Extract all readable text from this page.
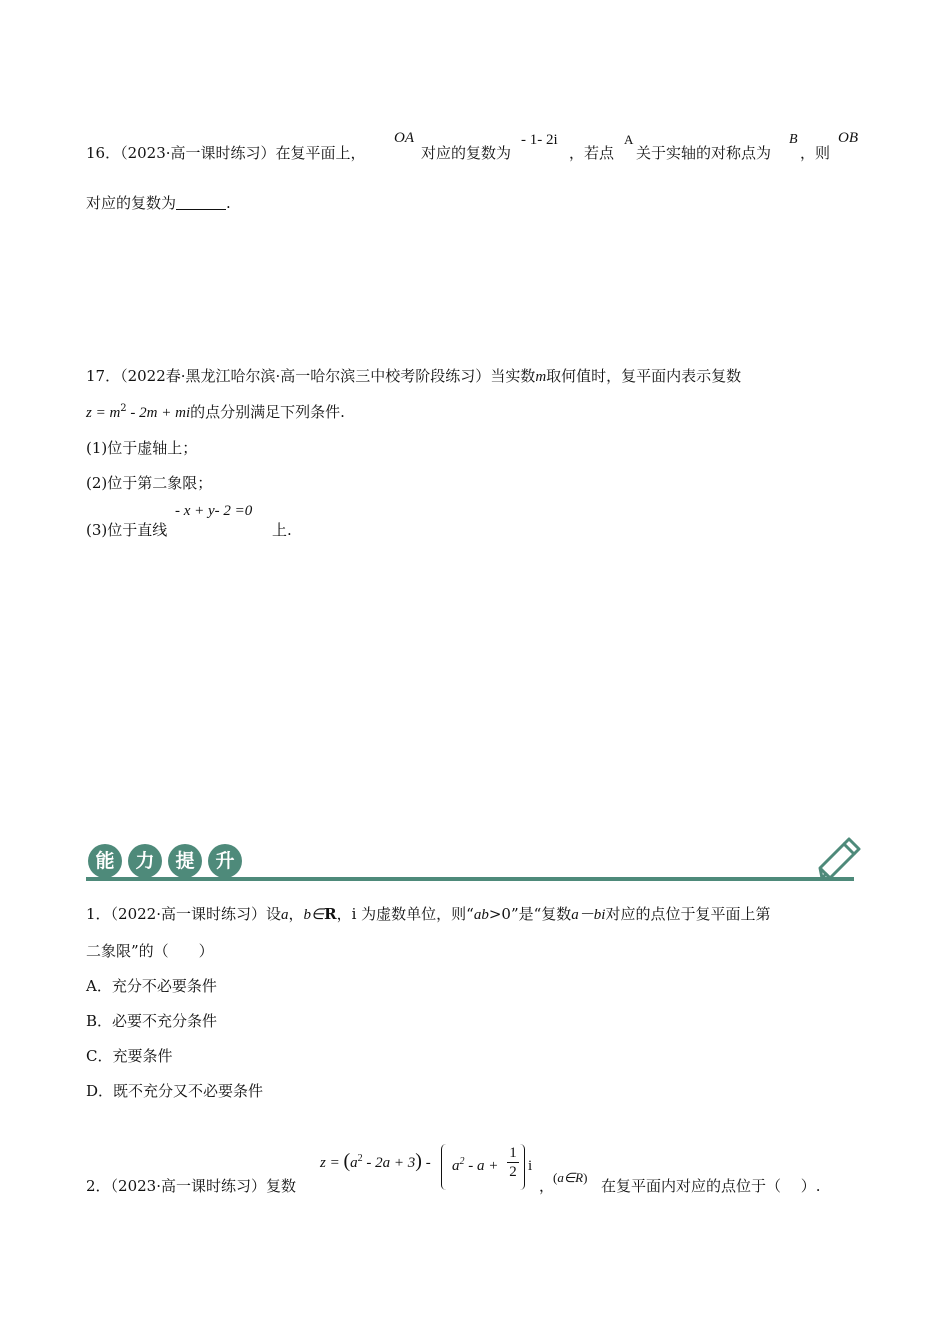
16．（2023·高一课时练习）在复平面上，
OA
对应的复数为
- 1- 2i
，若点
A
关于实轴的对称点为
B
，则
OB
对应的复数为	.
17．（2022春·黑龙江哈尔滨·高一哈尔滨三中校考阶段练习）当实数m取何值时，复平面内表示复数
$z = m^2 - 2m$ + mi的点分别满足下列条件.
(1)位于虚轴上；
(2)位于第二象限；
(3)位于直线
- x + y- 2 =0
上.
能	力	提	升
1．（2022·高一课时练习）设a，b∈R，i 为虚数单位，则“ab>0”是“复数a－bi对应的点位于复平面上第
二象限”的（　　）
A．充分不必要条件
B．必要不充分条件
C．充要条件
D．既不充分又不必要条件
2．（2023·高一课时练习）复数
$z = (a^2 - 2a + 3)$ -	$a^2 - a + \frac{1}{2}$ i
，
(a∈R) 在复平面内对应的点位于（　 ）.
